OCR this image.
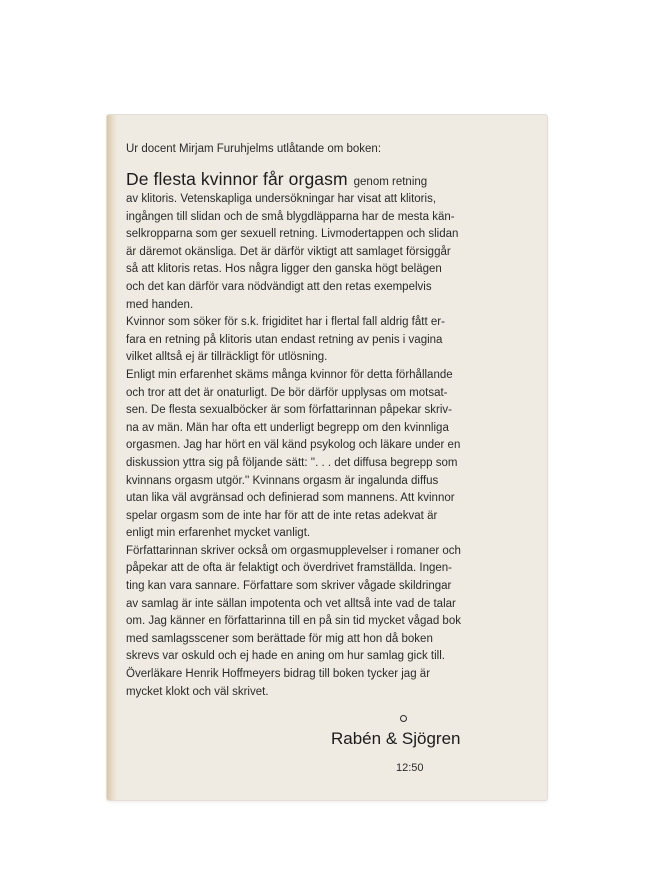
Ur docent Mirjam Furuhjelms utlåtande om boken:
De flesta kvinnor får orgasm genom retning
av klitoris. Vetenskapliga undersökningar har visat att klitoris,
ingången till slidan och de små blygdläpparna har de mesta kän-
selkropparna som ger sexuell retning. Livmodertappen och slidan
är däremot okänsliga. Det är därför viktigt att samlaget försiggår
så att klitoris retas. Hos några ligger den ganska högt belägen
och det kan därför vara nödvändigt att den retas exempelvis
med handen.
Kvinnor som söker för s.k. frigiditet har i flertal fall aldrig fått er-
fara en retning på klitoris utan endast retning av penis i vagina
vilket alltså ej är tillräckligt för utlösning.
Enligt min erfarenhet skäms många kvinnor för detta förhållande
och tror att det är onaturligt. De bör därför upplysas om motsat-
sen. De flesta sexualböcker är som författarinnan påpekar skriv-
na av män. Män har ofta ett underligt begrepp om den kvinnliga
orgasmen. Jag har hört en väl känd psykolog och läkare under en
diskussion yttra sig på följande sätt: ''. . . det diffusa begrepp som
kvinnans orgasm utgör.'' Kvinnans orgasm är ingalunda diffus
utan lika väl avgränsad och definierad som mannens. Att kvinnor
spelar orgasm som de inte har för att de inte retas adekvat är
enligt min erfarenhet mycket vanligt.
Författarinnan skriver också om orgasmupplevelser i romaner och
påpekar att de ofta är felaktigt och överdrivet framställda. Ingen-
ting kan vara sannare. Författare som skriver vågade skildringar
av samlag är inte sällan impotenta och vet alltså inte vad de talar
om. Jag känner en författarinna till en på sin tid mycket vågad bok
med samlagsscener som berättade för mig att hon då boken
skrevs var oskuld och ej hade en aning om hur samlag gick till.
Överläkare Henrik Hoffmeyers bidrag till boken tycker jag är
mycket klokt och väl skrivet.
Rabén & Sjögren
12:50
